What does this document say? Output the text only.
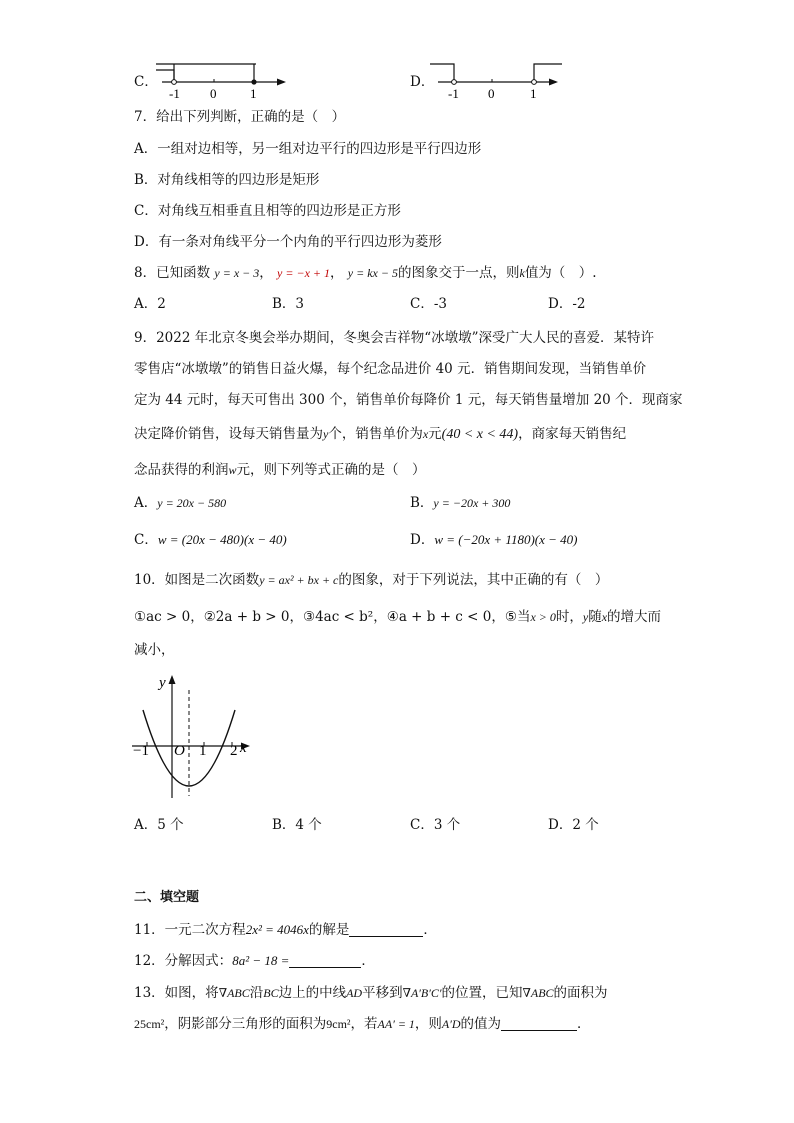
C．
-1 0	1
D．
-1 0	1
7．给出下列判断，正确的是（　）
A．一组对边相等，另一组对边平行的四边形是平行四边形
B．对角线相等的四边形是矩形
C．对角线互相垂直且相等的四边形是正方形
D．有一条对角线平分一个内角的平行四边形为菱形
8．已知函数 y = x − 3， y = −x + 1， y = kx − 5的图象交于一点，则k值为（　）.
A．2	B．3	C．-3	D．-2
9．2022 年北京冬奥会举办期间，冬奥会吉祥物“冰墩墩”深受广大人民的喜爱．某特许
零售店“冰墩墩”的销售日益火爆，每个纪念品进价 40 元．销售期间发现，当销售单价
定为 44 元时，每天可售出 300 个，销售单价每降价 1 元，每天销售量增加 20 个．现商家
决定降价销售，设每天销售量为y个，销售单价为x元(40 < x < 44)，商家每天销售纪
念品获得的利润w元，则下列等式正确的是（　）
A．y = 20x − 580	B．y = −20x + 300
C．w = (20x − 480)(x − 40)	D．w = (−20x + 1180)(x − 40)
10．如图是二次函数y = ax² + bx + c的图象，对于下列说法，其中正确的有（　）
①ac > 0，②2a + b > 0，③4ac < b²，④a + b + c < 0，⑤当x > 0时，y随x的增大而
减小，
y
x
O
−1	1 2
A．5 个	B．4 个	C．3 个	D．2 个
二、填空题
11．一元二次方程2x² = 4046x的解是	．
12．分解因式：8a² − 18 =	．
13．如图，将∇ABC沿BC边上的中线AD平移到∇A′B′C′的位置，已知∇ABC的面积为
25cm²，阴影部分三角形的面积为9cm²，若AA′ = 1，则A′D的值为	．
